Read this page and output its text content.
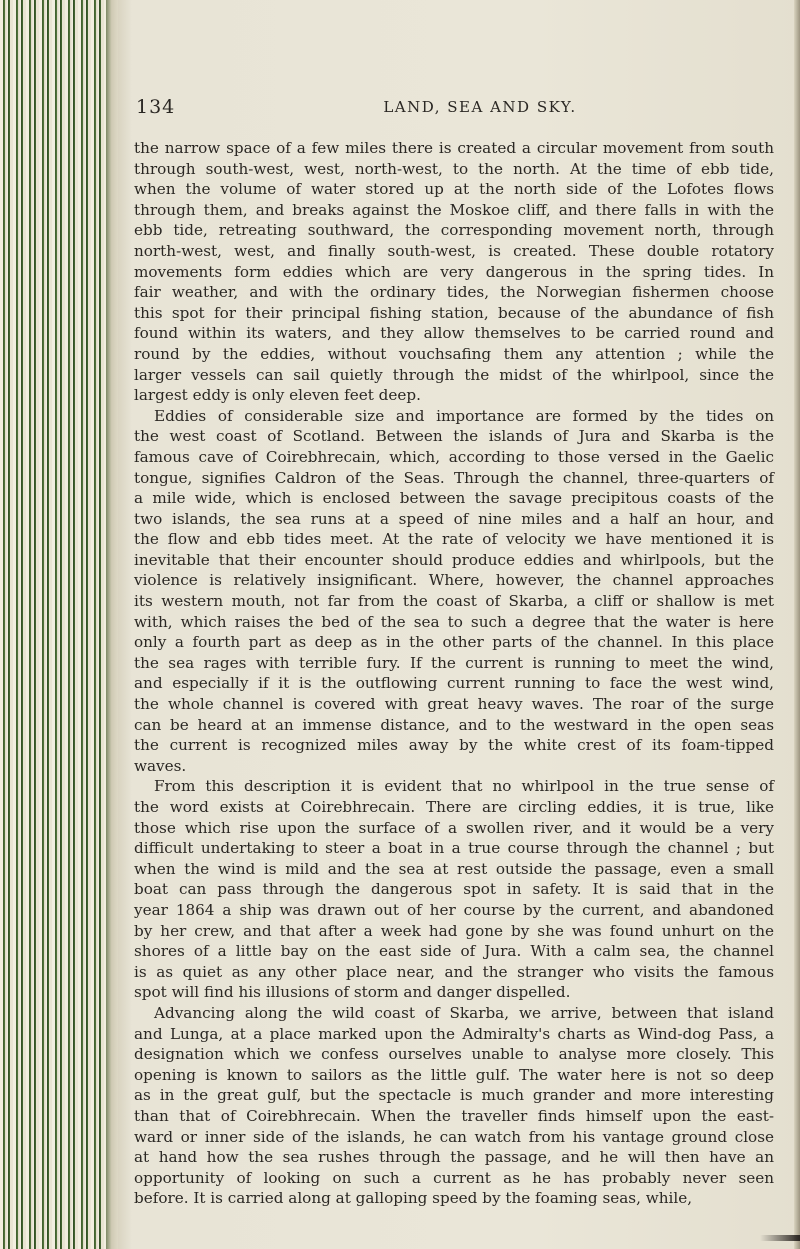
134	LAND, SEA AND SKY.
the narrow space of a few miles there is created a circular movement from south
through south-west, west, north-west, to the north. At the time of ebb tide,
when the volume of water stored up at the north side of the Lofotes flows
through them, and breaks against the Moskoe cliff, and there falls in with the
ebb tide, retreating southward, the corresponding movement north, through
north-west, west, and finally south-west, is created. These double rotatory
movements form eddies which are very dangerous in the spring tides. In
fair weather, and with the ordinary tides, the Norwegian fishermen choose
this spot for their principal fishing station, because of the abundance of fish
found within its waters, and they allow themselves to be carried round and
round by the eddies, without vouchsafing them any attention ; while the
larger vessels can sail quietly through the midst of the whirlpool, since the
largest eddy is only eleven feet deep.
Eddies of considerable size and importance are formed by the tides on
the west coast of Scotland. Between the islands of Jura and Skarba is the
famous cave of Coirebhrecain, which, according to those versed in the Gaelic
tongue, signifies Caldron of the Seas. Through the channel, three-quarters of
a mile wide, which is enclosed between the savage precipitous coasts of the
two islands, the sea runs at a speed of nine miles and a half an hour, and
the flow and ebb tides meet. At the rate of velocity we have mentioned it is
inevitable that their encounter should produce eddies and whirlpools, but the
violence is relatively insignificant. Where, however, the channel approaches
its western mouth, not far from the coast of Skarba, a cliff or shallow is met
with, which raises the bed of the sea to such a degree that the water is here
only a fourth part as deep as in the other parts of the channel. In this place
the sea rages with terrible fury. If the current is running to meet the wind,
and especially if it is the outflowing current running to face the west wind,
the whole channel is covered with great heavy waves. The roar of the surge
can be heard at an immense distance, and to the westward in the open seas
the current is recognized miles away by the white crest of its foam-tipped
waves.
From this description it is evident that no whirlpool in the true sense of
the word exists at Coirebhrecain. There are circling eddies, it is true, like
those which rise upon the surface of a swollen river, and it would be a very
difficult undertaking to steer a boat in a true course through the channel ; but
when the wind is mild and the sea at rest outside the passage, even a small
boat can pass through the dangerous spot in safety. It is said that in the
year 1864 a ship was drawn out of her course by the current, and abandoned
by her crew, and that after a week had gone by she was found unhurt on the
shores of a little bay on the east side of Jura. With a calm sea, the channel
is as quiet as any other place near, and the stranger who visits the famous
spot will find his illusions of storm and danger dispelled.
Advancing along the wild coast of Skarba, we arrive, between that island
and Lunga, at a place marked upon the Admiralty's charts as Wind-dog Pass, a
designation which we confess ourselves unable to analyse more closely. This
opening is known to sailors as the little gulf. The water here is not so deep
as in the great gulf, but the spectacle is much grander and more interesting
than that of Coirebhrecain. When the traveller finds himself upon the east-
ward or inner side of the islands, he can watch from his vantage ground close
at hand how the sea rushes through the passage, and he will then have an
opportunity of looking on such a current as he has probably never seen
before. It is carried along at galloping speed by the foaming seas, while,
